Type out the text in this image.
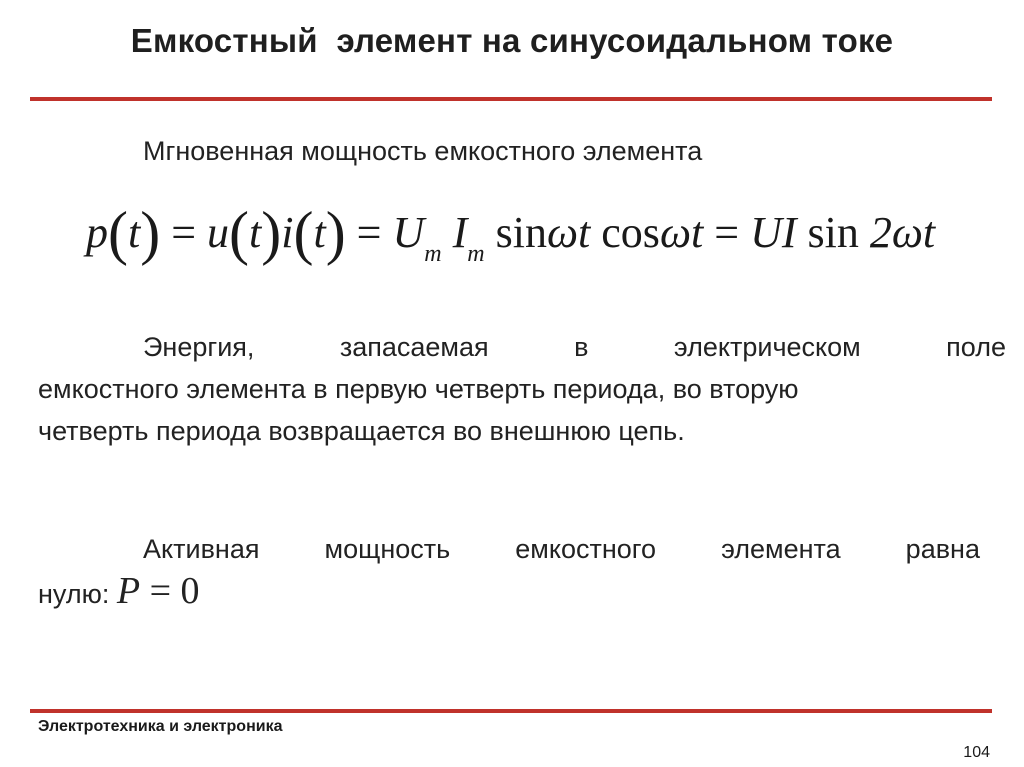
Емкостный  элемент на синусоидальном токе
Мгновенная мощность емкостного элемента
$p(t) = u(t)i(t) = U_m$ $I_m$ sinωt cosωt = UI sin 2ωt
Энергия, запасаемая в электрическом поле
емкостного элемента в первую четверть периода, во вторую
четверть периода возвращается во внешнюю цепь.
Активная мощность емкостного элемента равна
нулю: P = 0
Электротехника и электроника
104
